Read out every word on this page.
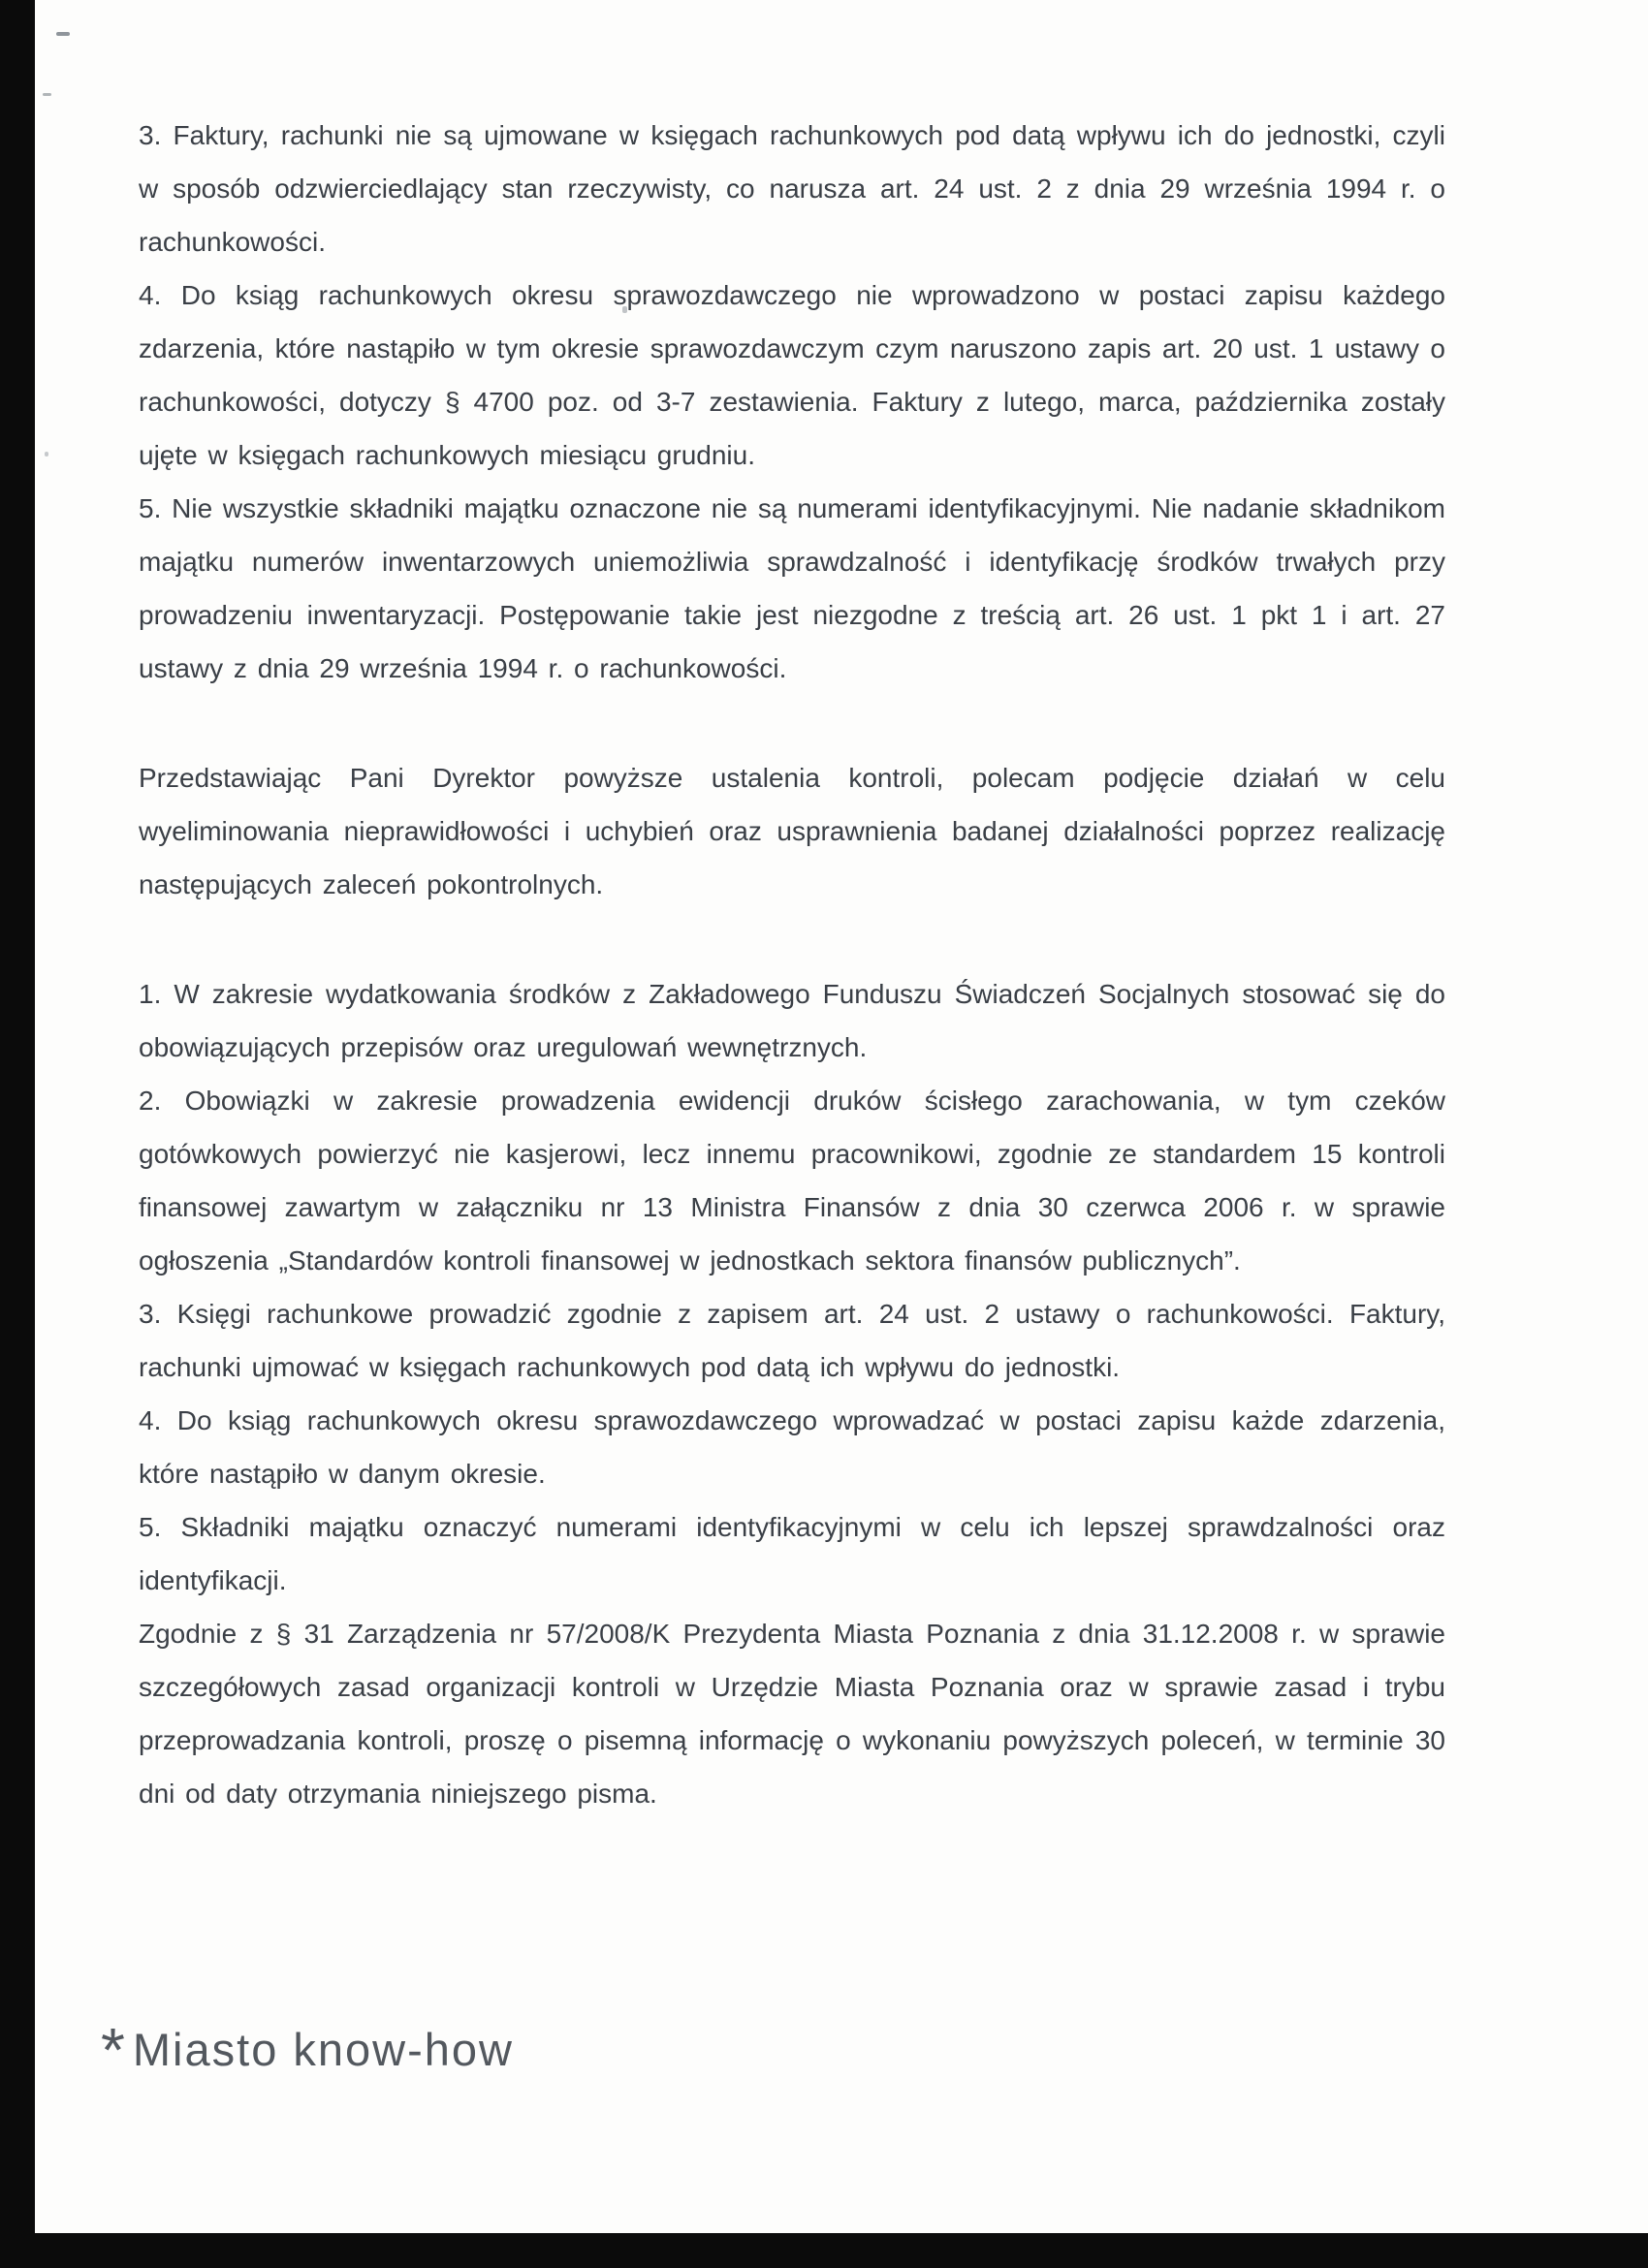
3. Faktury, rachunki nie są ujmowane w księgach rachunkowych pod datą wpływu ich do jednostki, czyli w sposób odzwierciedlający stan rzeczywisty, co narusza art. 24 ust. 2 z dnia 29 września 1994 r. o rachunkowości.

4. Do ksiąg rachunkowych okresu sprawozdawczego nie wprowadzono w postaci zapisu każdego zdarzenia, które nastąpiło w tym okresie sprawozdawczym czym naruszono zapis art. 20 ust. 1 ustawy o rachunkowości, dotyczy § 4700 poz. od 3-7 zestawienia. Faktury z lutego, marca, października zostały ujęte w księgach rachunkowych miesiącu grudniu.

5. Nie wszystkie składniki majątku oznaczone nie są numerami identyfikacyjnymi. Nie nadanie składnikom majątku numerów inwentarzowych uniemożliwia sprawdzalność i identyfikację środków trwałych przy prowadzeniu inwentaryzacji. Postępowanie takie jest niezgodne z treścią art. 26 ust. 1 pkt 1 i art. 27 ustawy z dnia 29 września 1994 r. o rachunkowości.

Przedstawiając Pani Dyrektor powyższe ustalenia kontroli, polecam podjęcie działań w celu wyeliminowania nieprawidłowości i uchybień oraz usprawnienia badanej działalności poprzez realizację następujących zaleceń pokontrolnych.

1. W zakresie wydatkowania środków z Zakładowego Funduszu Świadczeń Socjalnych stosować się do obowiązujących przepisów oraz uregulowań wewnętrznych.

2. Obowiązki w zakresie prowadzenia ewidencji druków ścisłego zarachowania, w tym czeków gotówkowych powierzyć nie kasjerowi, lecz innemu pracownikowi, zgodnie ze standardem 15 kontroli finansowej zawartym w załączniku nr 13 Ministra Finansów z dnia 30 czerwca 2006 r. w sprawie ogłoszenia „Standardów kontroli finansowej w jednostkach sektora finansów publicznych”.

3. Księgi rachunkowe prowadzić zgodnie z zapisem art. 24 ust. 2 ustawy o rachunkowości. Faktury, rachunki ujmować w księgach rachunkowych pod datą ich wpływu do jednostki.

4. Do ksiąg rachunkowych okresu sprawozdawczego wprowadzać w postaci zapisu każde zdarzenia, które nastąpiło w danym okresie.

5. Składniki majątku oznaczyć numerami identyfikacyjnymi w celu ich lepszej sprawdzalności oraz identyfikacji.

Zgodnie z § 31 Zarządzenia nr 57/2008/K Prezydenta Miasta Poznania z dnia 31.12.2008 r. w sprawie szczegółowych zasad organizacji kontroli w Urzędzie Miasta Poznania oraz w sprawie zasad i trybu przeprowadzania kontroli, proszę o pisemną informację o wykonaniu powyższych poleceń, w terminie 30 dni od daty otrzymania niniejszego pisma.

* Miasto know-how
